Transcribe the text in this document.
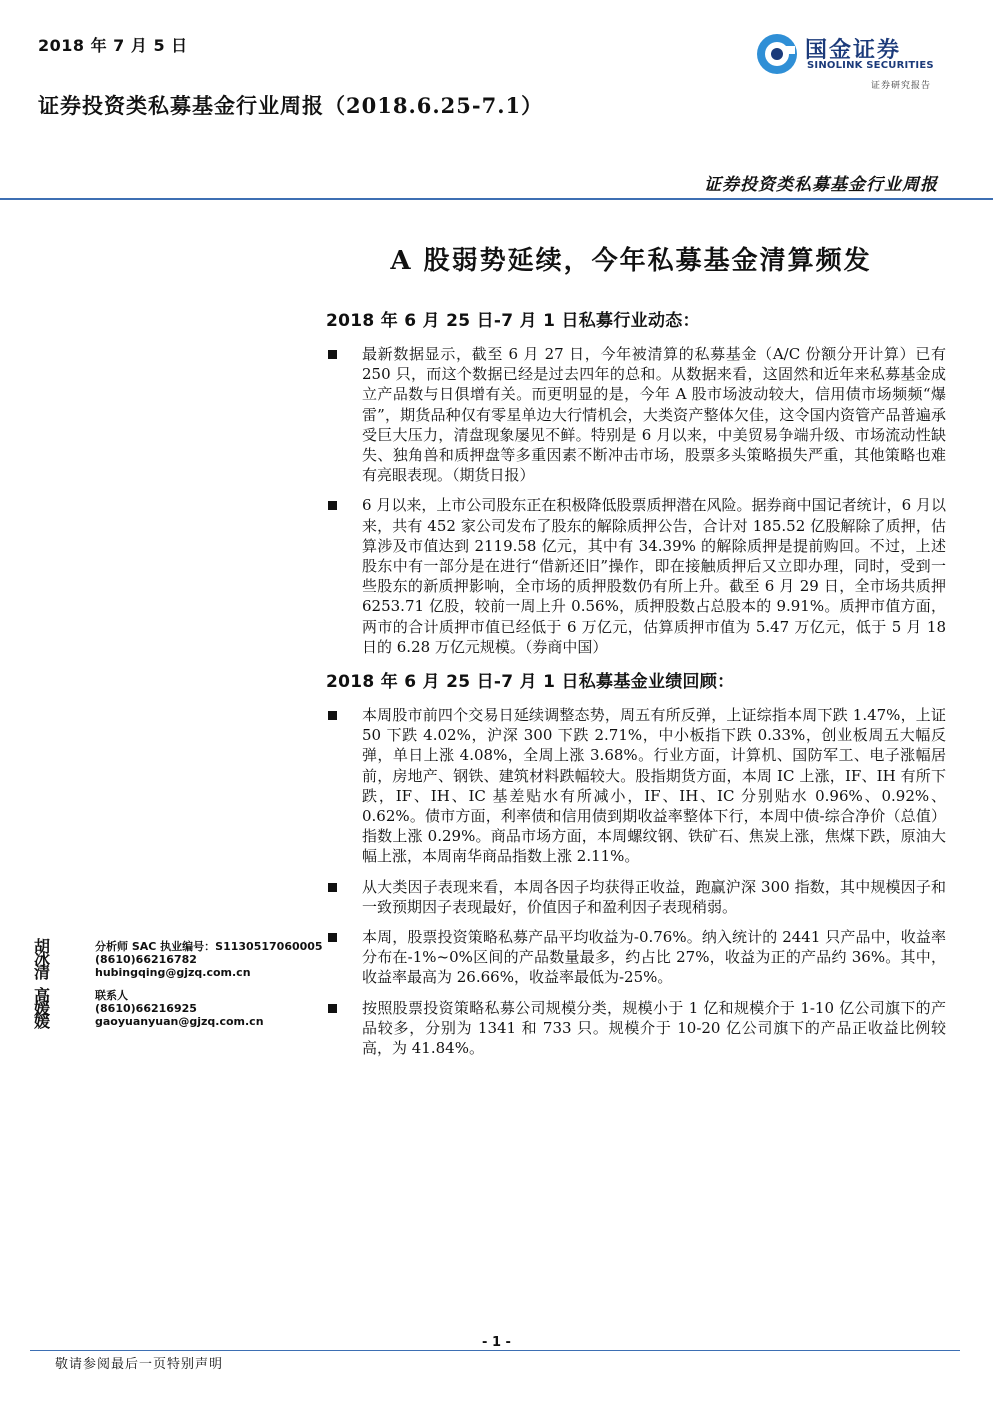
2018 年 7 月 5 日
证券投资类私募基金行业周报（2018.6.25-7.1）
国金证券
SINOLINK SECURITIES
证券研究报告
证券投资类私募基金行业周报
A 股弱势延续，今年私募基金清算频发
2018 年 6 月 25 日-7 月 1 日私募行业动态：
最新数据显示，截至 6 月 27 日，今年被清算的私募基金（A/C 份额分开计算）已有 250 只，而这个数据已经是过去四年的总和。从数据来看，这固然和近年来私募基金成立产品数与日俱增有关。而更明显的是，今年 A 股市场波动较大，信用债市场频频“爆雷”，期货品种仅有零星单边大行情机会，大类资产整体欠佳，这令国内资管产品普遍承受巨大压力，清盘现象屡见不鲜。特别是 6 月以来，中美贸易争端升级、市场流动性缺失、独角兽和质押盘等多重因素不断冲击市场，股票多头策略损失严重，其他策略也难有亮眼表现。（期货日报）
6 月以来，上市公司股东正在积极降低股票质押潜在风险。据券商中国记者统计，6 月以来，共有 452 家公司发布了股东的解除质押公告，合计对 185.52 亿股解除了质押，估算涉及市值达到 2119.58 亿元，其中有 34.39% 的解除质押是提前购回。不过，上述股东中有一部分是在进行“借新还旧”操作，即在接触质押后又立即办理，同时，受到一些股东的新质押影响，全市场的质押股数仍有所上升。截至 6 月 29 日，全市场共质押 6253.71 亿股，较前一周上升 0.56%，质押股数占总股本的 9.91%。质押市值方面，两市的合计质押市值已经低于 6 万亿元，估算质押市值为 5.47 万亿元，低于 5 月 18 日的 6.28 万亿元规模。（券商中国）
2018 年 6 月 25 日-7 月 1 日私募基金业绩回顾：
本周股市前四个交易日延续调整态势，周五有所反弹，上证综指本周下跌 1.47%，上证 50 下跌 4.02%，沪深 300 下跌 2.71%，中小板指下跌 0.33%，创业板周五大幅反弹，单日上涨 4.08%，全周上涨 3.68%。行业方面，计算机、国防军工、电子涨幅居前，房地产、钢铁、建筑材料跌幅较大。股指期货方面，本周 IC 上涨，IF、IH 有所下跌，IF、IH、IC 基差贴水有所减小，IF、IH、IC 分别贴水 0.96%、0.92%、0.62%。债市方面，利率债和信用债到期收益率整体下行，本周中债-综合净价（总值）指数上涨 0.29%。商品市场方面，本周螺纹钢、铁矿石、焦炭上涨，焦煤下跌，原油大幅上涨，本周南华商品指数上涨 2.11%。
从大类因子表现来看，本周各因子均获得正收益，跑赢沪深 300 指数，其中规模因子和一致预期因子表现最好，价值因子和盈利因子表现稍弱。
本周，股票投资策略私募产品平均收益为-0.76%。纳入统计的 2441 只产品中，收益率分布在-1%~0%区间的产品数量最多，约占比 27%，收益为正的产品约 36%。其中，收益率最高为 26.66%，收益率最低为-25%。
按照股票投资策略私募公司规模分类，规模小于 1 亿和规模介于 1-10 亿公司旗下的产品较多，分别为 1341 和 733 只。规模介于 10-20 亿公司旗下的产品正收益比例较高，为 41.84%。
胡冰清
分析师 SAC 执业编号：S1130517060005
(8610)66216782
hubingqing@gjzq.com.cn
高媛媛
联系人
(8610)66216925
gaoyuanyuan@gjzq.com.cn
- 1 -
敬请参阅最后一页特别声明
